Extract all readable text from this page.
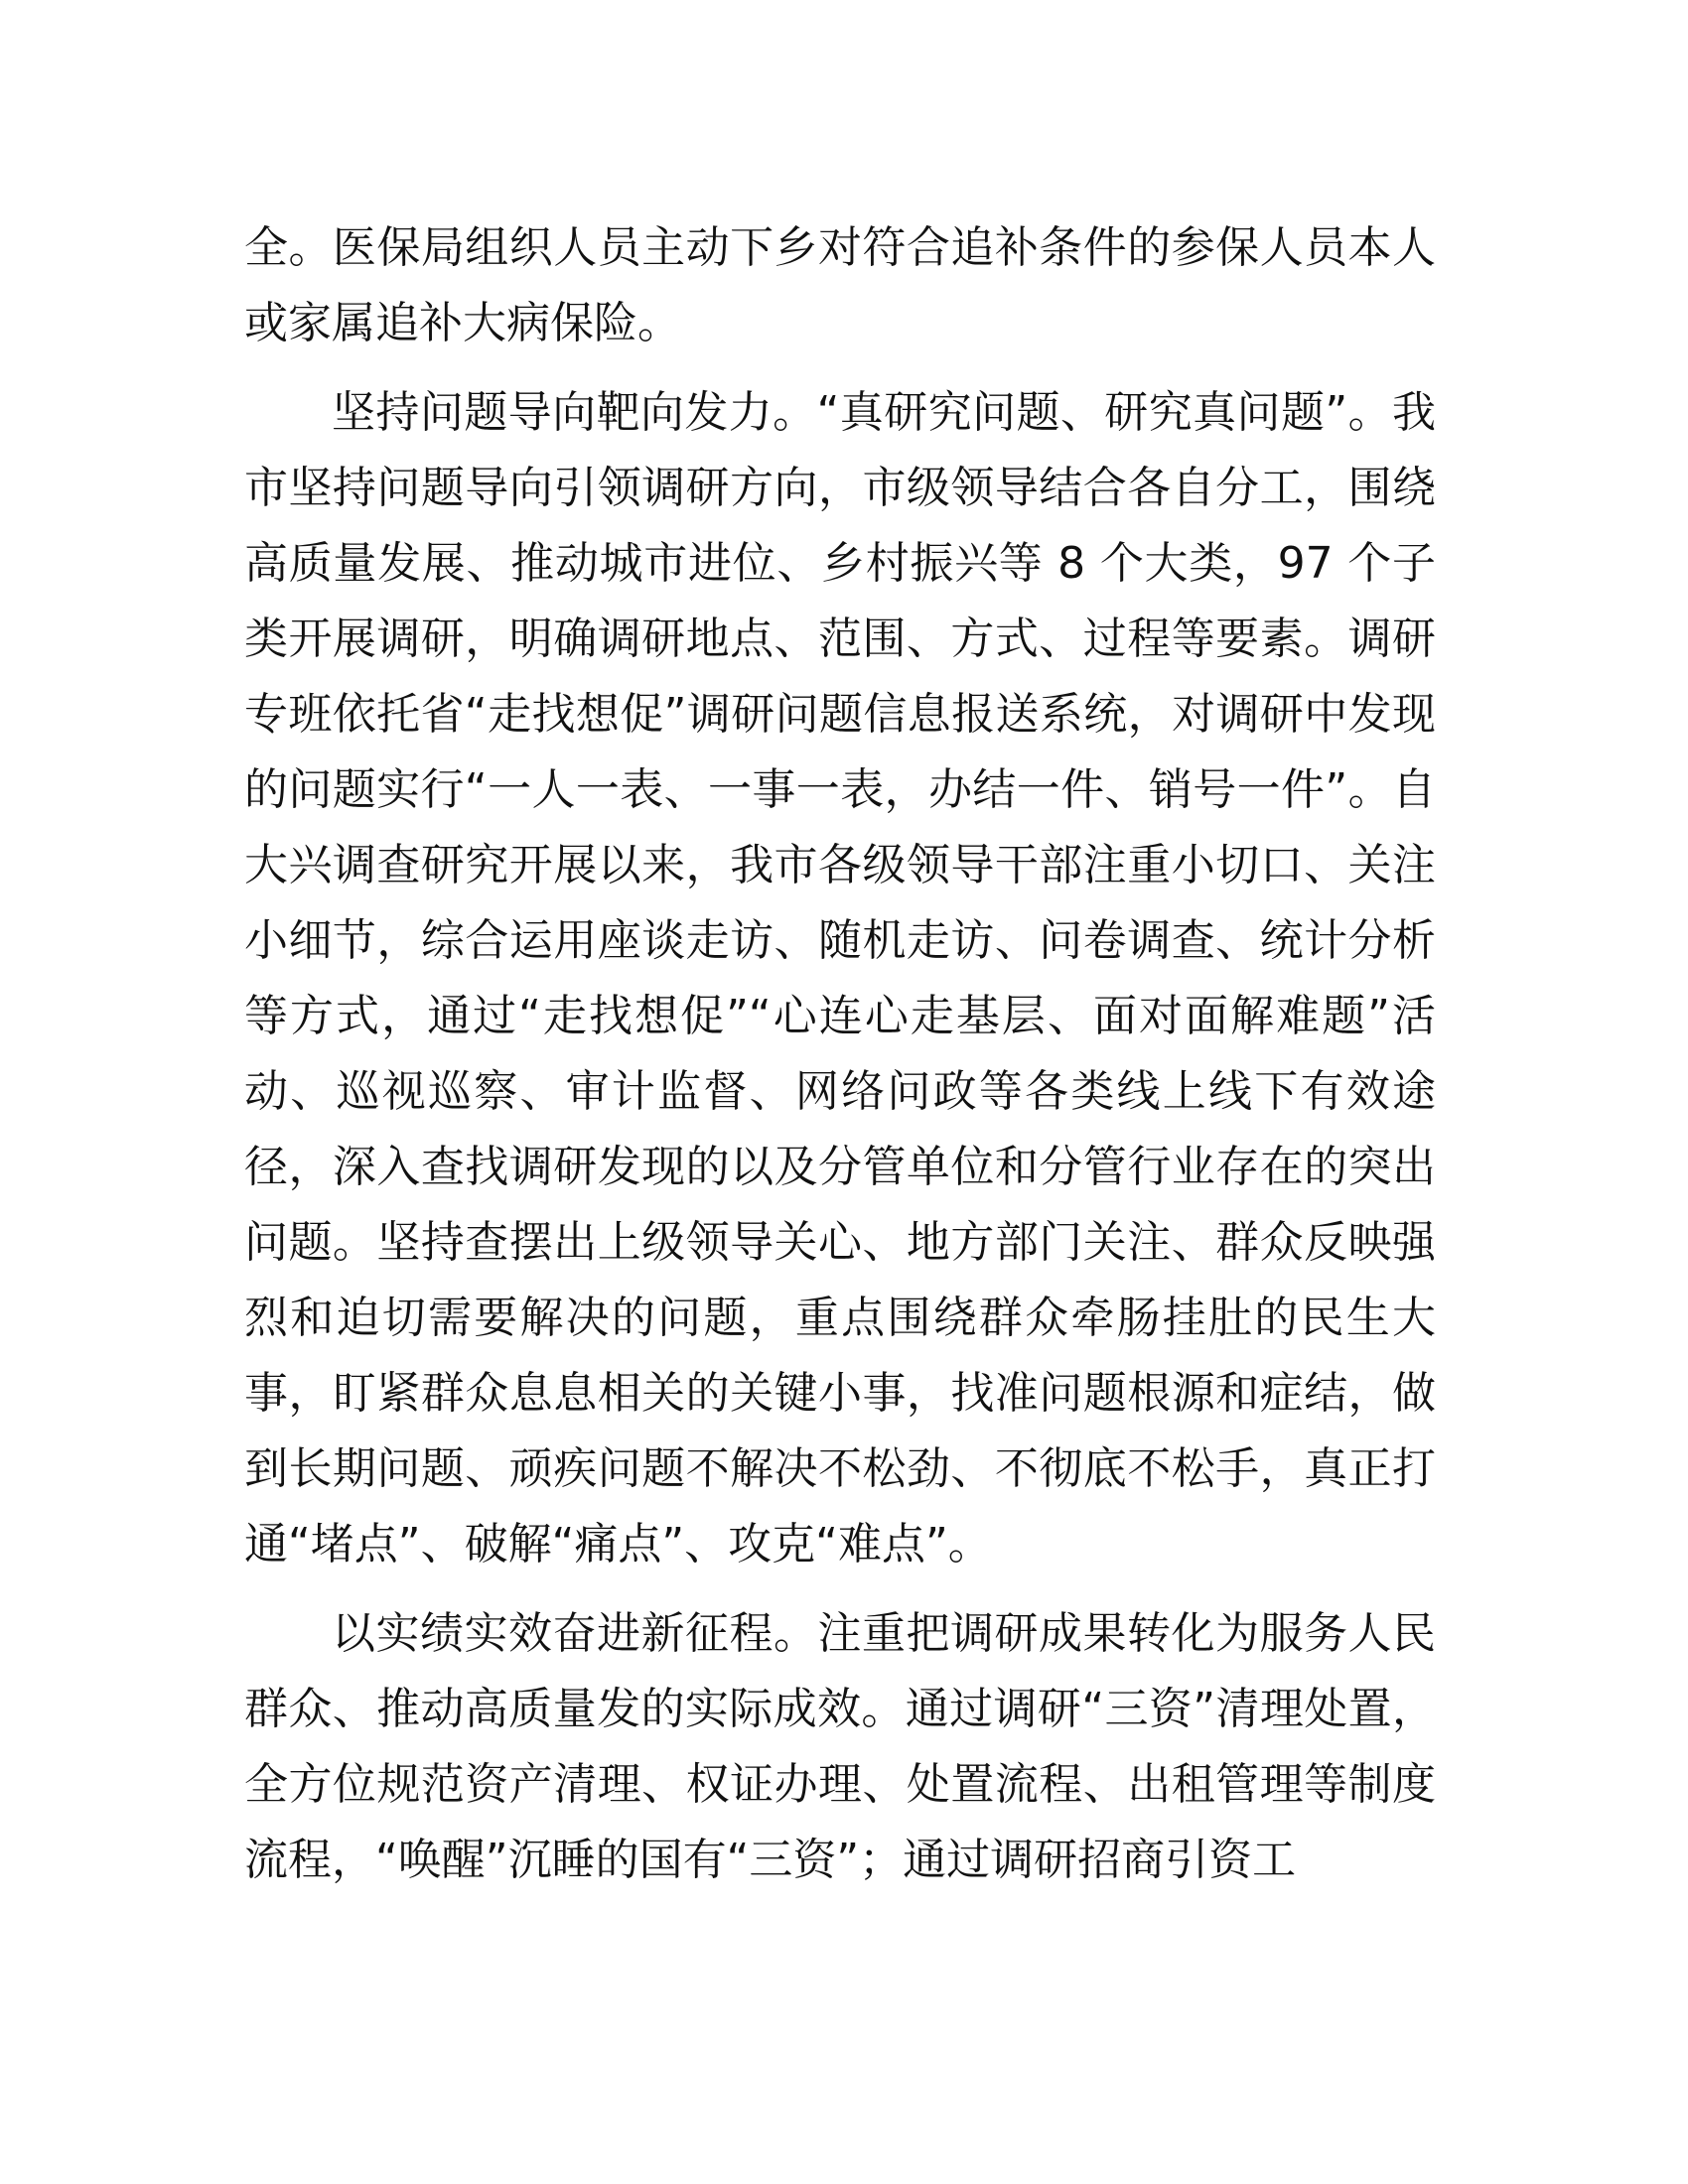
全。医保局组织人员主动下乡对符合追补条件的参保人员本人或家属追补大病保险。

坚持问题导向靶向发力。“真研究问题、研究真问题”。我市坚持问题导向引领调研方向，市级领导结合各自分工，围绕高质量发展、推动城市进位、乡村振兴等 8 个大类，97 个子类开展调研，明确调研地点、范围、方式、过程等要素。调研专班依托省“走找想促”调研问题信息报送系统，对调研中发现的问题实行“一人一表、一事一表，办结一件、销号一件”。自大兴调查研究开展以来，我市各级领导干部注重小切口、关注小细节，综合运用座谈走访、随机走访、问卷调查、统计分析等方式，通过“走找想促”“心连心走基层、面对面解难题”活动、巡视巡察、审计监督、网络问政等各类线上线下有效途径，深入查找调研发现的以及分管单位和分管行业存在的突出问题。坚持查摆出上级领导关心、地方部门关注、群众反映强烈和迫切需要解决的问题，重点围绕群众牵肠挂肚的民生大事，盯紧群众息息相关的关键小事，找准问题根源和症结，做到长期问题、顽疾问题不解决不松劲、不彻底不松手，真正打通“堵点”、破解“痛点”、攻克“难点”。

以实绩实效奋进新征程。注重把调研成果转化为服务人民群众、推动高质量发的实际成效。通过调研“三资”清理处置，全方位规范资产清理、权证办理、处置流程、出租管理等制度流程，“唤醒”沉睡的国有“三资”；通过调研招商引资工
